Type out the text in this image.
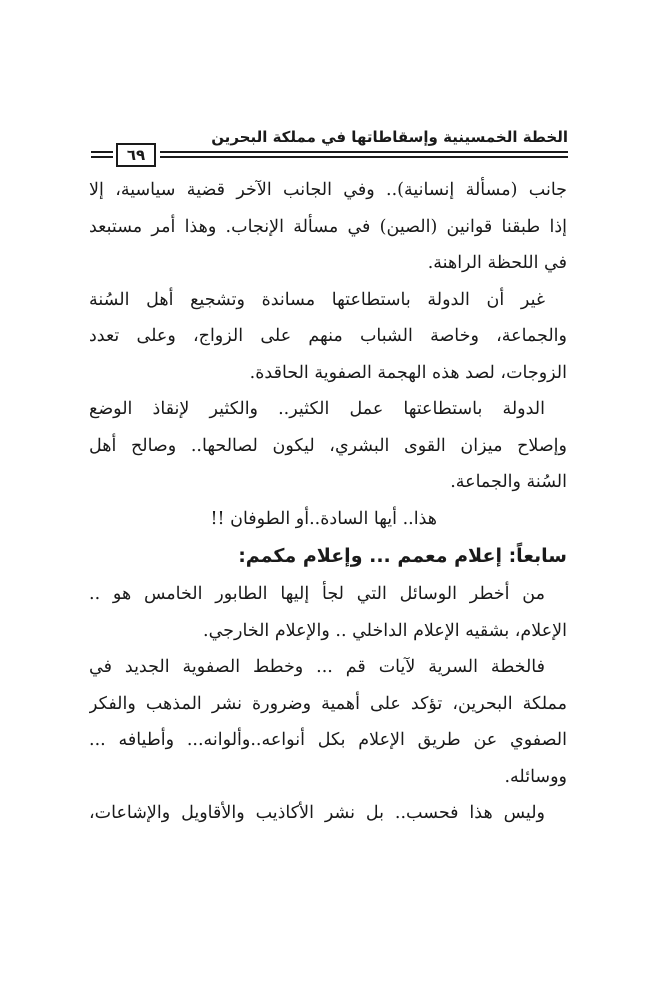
الخطة الخمسينية وإسقاطاتها في مملكة البحرين
٦٩
جانب (مسألة إنسانية).. وفي الجانب الآخر قضية سياسية، إلا
إذا طبقنا قوانين (الصين) في مسألة الإنجاب. وهذا أمر مستبعد
في اللحظة الراهنة.
غير أن الدولة باستطاعتها مساندة وتشجيع أهل السُنة
والجماعة، وخاصة الشباب منهم على الزواج، وعلى تعدد
الزوجات، لصد هذه الهجمة الصفوية الحاقدة.
الدولة باستطاعتها عمل الكثير.. والكثير لإنقاذ الوضع
وإصلاح ميزان القوى البشري، ليكون لصالحها.. وصالح أهل
السُنة والجماعة.
هذا.. أيها السادة..أو الطوفان !!
سابعاً: إعلام معمم ... وإعلام مكمم:
من أخطر الوسائل التي لجأ إليها الطابور الخامس هو ..
الإعلام، بشقيه الإعلام الداخلي .. والإعلام الخارجي.
فالخطة السرية لآيات قم ... وخطط الصفوية الجديد في
مملكة البحرين، تؤكد على أهمية وضرورة نشر المذهب والفكر
الصفوي عن طريق الإعلام بكل أنواعه..وألوانه... وأطيافه ...
ووسائله.
وليس هذا فحسب.. بل نشر الأكاذيب والأقاويل والإشاعات،
